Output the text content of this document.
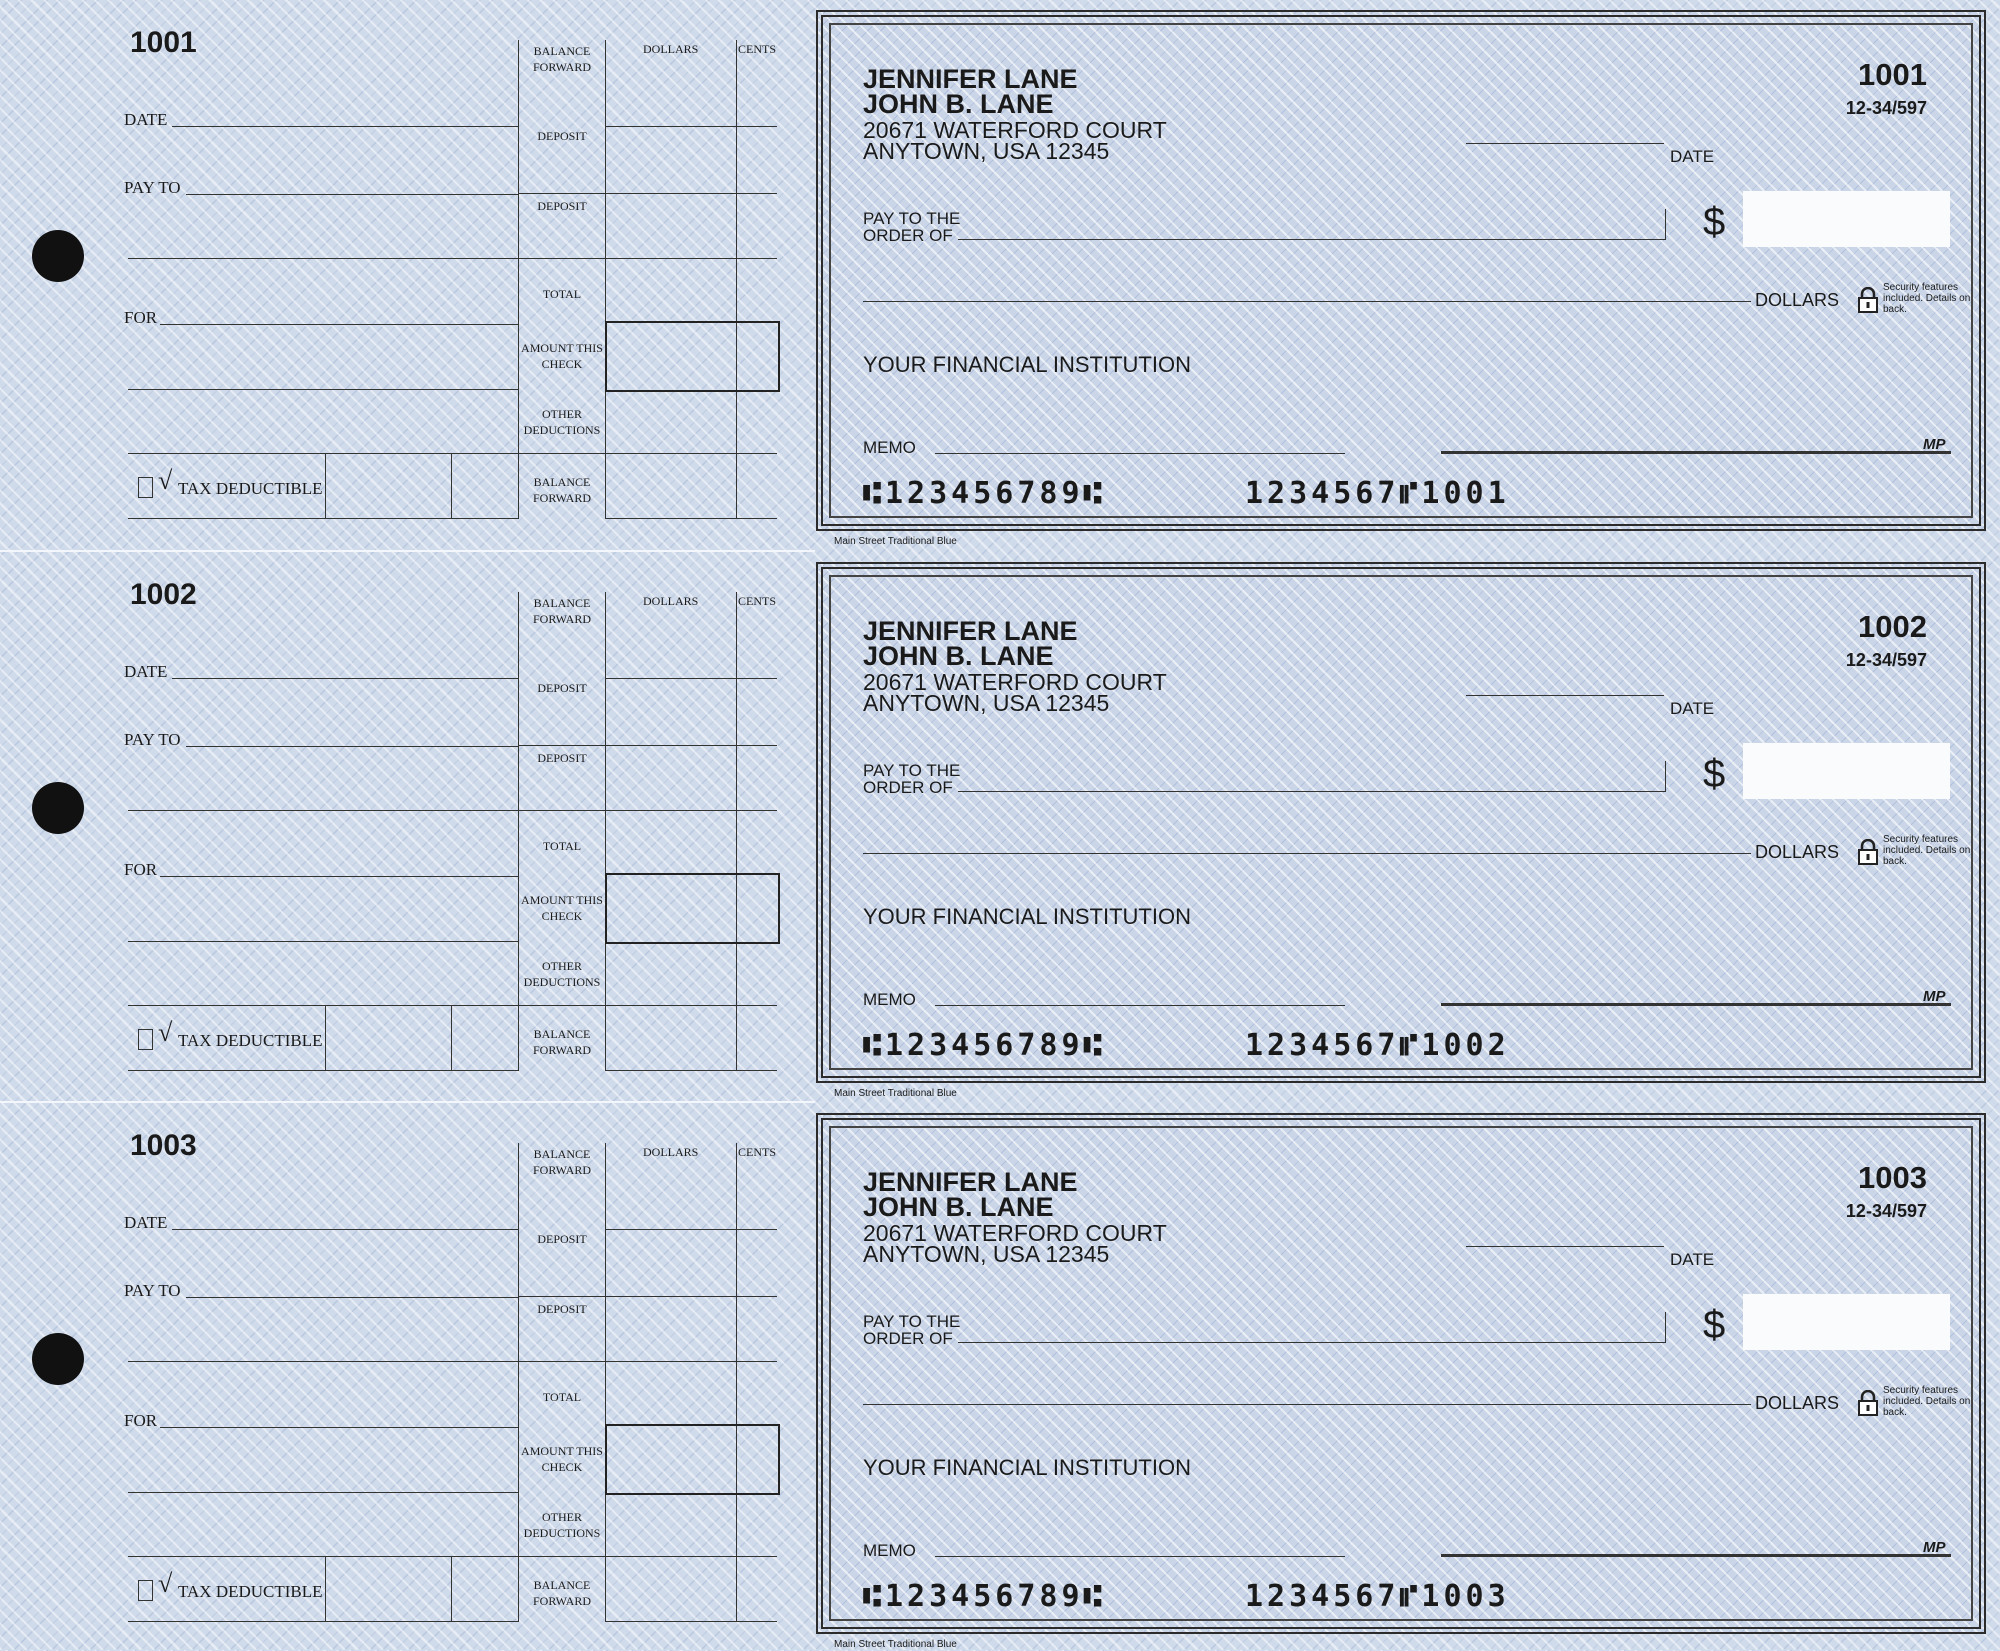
1001
DATE
PAY TO
FOR
√ TAX DEDUCTIBLE
DOLLARS	CENTS
BALANCE FORWARD
DEPOSIT
DEPOSIT
TOTAL
AMOUNT THIS CHECK
OTHER DEDUCTIONS
BALANCE FORWARD
JENNIFER LANE
JOHN B. LANE
20671 WATERFORD COURT
ANYTOWN, USA 12345
1001
12-34/597
DATE
PAY TO THE
ORDER OF	$
DOLLARS
Security features included. Details on back.
YOUR FINANCIAL INSTITUTION
MEMO	MP
⑆123456789⑆	1234567⑈1001
Main Street Traditional Blue
1002
DATE
PAY TO
FOR
√ TAX DEDUCTIBLE
DOLLARS	CENTS
BALANCE FORWARD
DEPOSIT
DEPOSIT
TOTAL
AMOUNT THIS CHECK
OTHER DEDUCTIONS
BALANCE FORWARD
JENNIFER LANE
JOHN B. LANE
20671 WATERFORD COURT
ANYTOWN, USA 12345
1002
12-34/597
DATE
PAY TO THE
ORDER OF	$
DOLLARS
Security features included. Details on back.
YOUR FINANCIAL INSTITUTION
MEMO	MP
⑆123456789⑆	1234567⑈1002
Main Street Traditional Blue
1003
DATE
PAY TO
FOR
√ TAX DEDUCTIBLE
DOLLARS	CENTS
BALANCE FORWARD
DEPOSIT
DEPOSIT
TOTAL
AMOUNT THIS CHECK
OTHER DEDUCTIONS
BALANCE FORWARD
JENNIFER LANE
JOHN B. LANE
20671 WATERFORD COURT
ANYTOWN, USA 12345
1003
12-34/597
DATE
PAY TO THE
ORDER OF	$
DOLLARS
Security features included. Details on back.
YOUR FINANCIAL INSTITUTION
MEMO	MP
⑆123456789⑆	1234567⑈1003
Main Street Traditional Blue
